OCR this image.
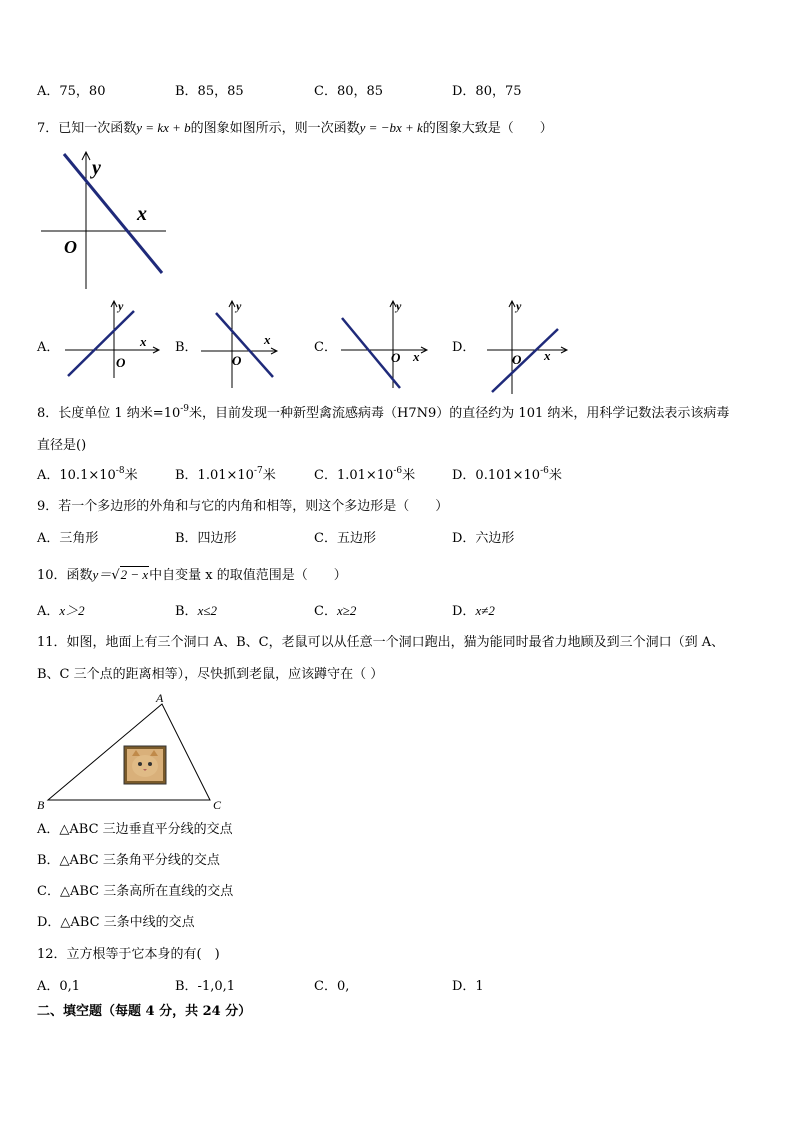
A．75，80	B．85，85	C．80，85	D．80，75
7．已知一次函数y = kx + b的图象如图所示，则一次函数y = −bx + k的图象大致是（　　）
y
x
O
A．
y
x
O
B．
y
x
O
C．
y
x
O
D．
y
x
O
8．长度单位 1 纳米$=10^{-9}$米，目前发现一种新型禽流感病毒（H7N9）的直径约为 101 纳米，用科学记数法表示该病毒
直径是()
A．$10.1\times 10^{-8}$米	B．$1.01\times 10^{-7}$米	C．$1.01\times 10^{-6}$米	D．$0.101\times 10^{-6}$米
9．若一个多边形的外角和与它的内角和相等，则这个多边形是（　　）
A．三角形	B．四边形	C．五边形	D．六边形
10．函数y＝√2 − x中自变量 x 的取值范围是（　　）
A．x＞2	B．x≤2	C．x≥2	D．x≠2
11．如图，地面上有三个洞口 A、B、C，老鼠可以从任意一个洞口跑出，猫为能同时最省力地顾及到三个洞口（到 A、
B、C 三个点的距离相等），尽快抓到老鼠，应该蹲守在（ ）
A
B	C
A．△ABC 三边垂直平分线的交点
B．△ABC 三条角平分线的交点
C．△ABC 三条高所在直线的交点
D．△ABC 三条中线的交点
12．立方根等于它本身的有(　)
A．0,1	B．-1,0,1	C．0,	D．1
二、填空题（每题 4 分，共 24 分）
